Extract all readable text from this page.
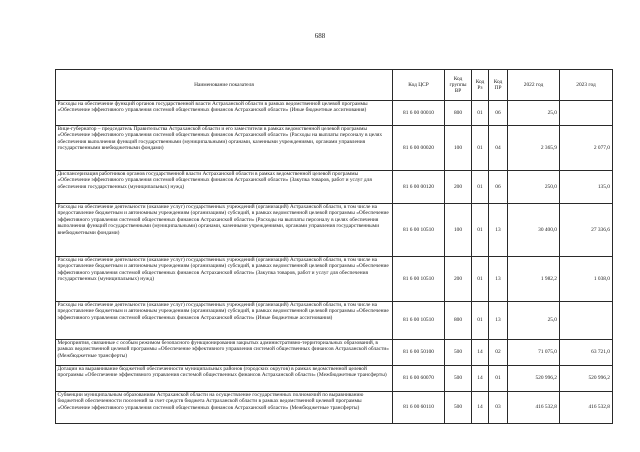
688
Наименование показателя	Код ЦСР	Код группы ВР	Код Рз	Код ПР	2022 год	2023 год
Расходы на обеспечение функций органов государственной власти Астраханской области в рамках ведомственной целевой программы «Обеспечение эффективного управления системой общественных финансов Астраханской области» (Иные бюджетные ассигнования)	81 6 00 00010	800	01	06	25,0	
Вице-губернатор – председатель Правительства Астраханской области и его заместители в рамках ведомственной целевой программы «Обеспечение эффективного управления системой общественных финансов Астраханской области» (Расходы на выплаты персоналу в целях обеспечения выполнения функций государственными (муниципальными) органами, казенными учреждениями, органами управления государственными внебюджетными фондами)	81 6 00 00020	100	01	04	2 365,9	2 077,0
Диспансеризация работников органов государственной власти Астраханской области в рамках ведомственной целевой программы «Обеспечение эффективного управления системой общественных финансов Астраханской области» (Закупка товаров, работ и услуг для обеспечения государственных (муниципальных) нужд)	81 6 00 00120	200	01	06	250,0	135,0
Расходы на обеспечение деятельности (оказание услуг) государственных учреждений (организаций) Астраханской области, в том числе на предоставление бюджетным и автономным учреждениям (организациям) субсидий, в рамках ведомственной целевой программы «Обеспечение эффективного управления системой общественных финансов Астраханской области» (Расходы на выплаты персоналу в целях обеспечения выполнения функций государственными (муниципальными) органами, казенными учреждениями, органами управления государственными внебюджетными фондами)	81 6 00 10510	100	01	13	30 400,0	27 336,6
Расходы на обеспечение деятельности (оказание услуг) государственных учреждений (организаций) Астраханской области, в том числе на предоставление бюджетным и автономным учреждениям (организациям) субсидий, в рамках ведомственной целевой программы «Обеспечение эффективного управления системой общественных финансов Астраханской области» (Закупка товаров, работ и услуг для обеспечения государственных (муниципальных) нужд)	81 6 00 10510	200	01	13	1 982,2	1 038,0
Расходы на обеспечение деятельности (оказание услуг) государственных учреждений (организаций) Астраханской области, в том числе на предоставление бюджетным и автономным учреждениям (организациям) субсидий, в рамках ведомственной целевой программы «Обеспечение эффективного управления системой общественных финансов Астраханской области» (Иные бюджетные ассигнования)	81 6 00 10510	800	01	13	25,0	
Мероприятия, связанные с особым режимом безопасного функционирования закрытых административно-территориальных образований, в рамках ведомственной целевой программы «Обеспечение эффективного управления системой общественных финансов Астраханской области» (Межбюджетные трансферты)	81 6 00 50100	500	14	02	71 075,0	63 721,0
Дотации на выравнивание бюджетной обеспеченности муниципальных районов (городских округов) в рамках ведомственной целевой программы «Обеспечение эффективного управления системой общественных финансов Астраханской области» (Межбюджетные трансферты)	81 6 00 60070	500	14	01	520 996,2	520 996,2
Субвенции муниципальным образованиям Астраханской области на осуществление государственных полномочий по выравниванию бюджетной обеспеченности поселений за счет средств бюджета Астраханской области в рамках ведомственной целевой программы «Обеспечение эффективного управления системой общественных финансов Астраханской области» (Межбюджетные трансферты)	81 6 00 60110	500	14	03	416 532,8	416 532,8
